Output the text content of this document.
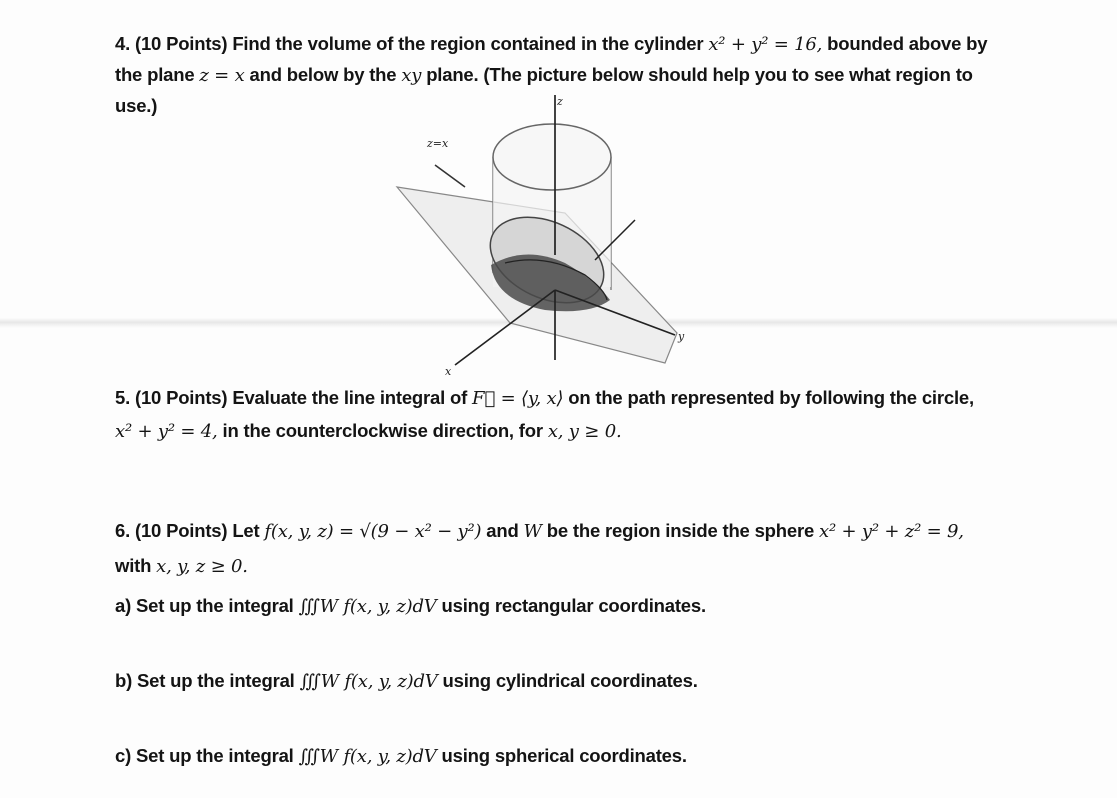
4. (10 Points) Find the volume of the region contained in the cylinder x² + y² = 16, bounded above by
the plane z = x and below by the xy plane. (The picture below should help you to see what region to
use.)	z
z=x
y
x
5. (10 Points) Evaluate the line integral of F⃗ = ⟨y, x⟩ on the path represented by following the circle,
x² + y² = 4, in the counterclockwise direction, for x, y ≥ 0.
6. (10 Points) Let f(x, y, z) = √(9 − x² − y²) and W be the region inside the sphere x² + y² + z² = 9,
with x, y, z ≥ 0.
a) Set up the integral ∭W f(x, y, z)dV using rectangular coordinates.
b) Set up the integral ∭W f(x, y, z)dV using cylindrical coordinates.
c) Set up the integral ∭W f(x, y, z)dV using spherical coordinates.
